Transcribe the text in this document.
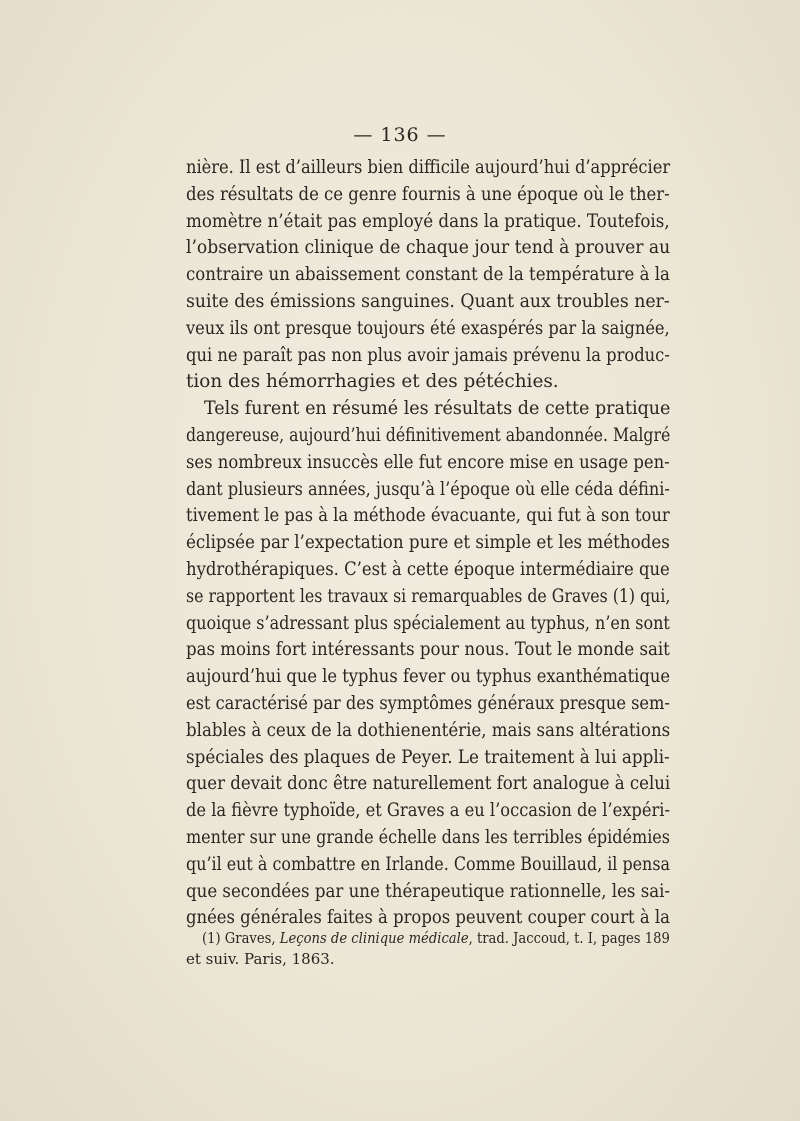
— 136 —
nière. Il est d’ailleurs bien difficile aujourd’hui d’apprécier
des résultats de ce genre fournis à une époque où le ther-
momètre n’était pas employé dans la pratique. Toutefois,
l’observation clinique de chaque jour tend à prouver au
contraire un abaissement constant de la température à la
suite des émissions sanguines. Quant aux troubles ner-
veux ils ont presque toujours été exaspérés par la saignée,
qui ne paraît pas non plus avoir jamais prévenu la produc-
tion des hémorrhagies et des pétéchies.
Tels furent en résumé les résultats de cette pratique
dangereuse, aujourd’hui définitivement abandonnée. Malgré
ses nombreux insuccès elle fut encore mise en usage pen-
dant plusieurs années, jusqu’à l’époque où elle céda défini-
tivement le pas à la méthode évacuante, qui fut à son tour
éclipsée par l’expectation pure et simple et les méthodes
hydrothérapiques. C’est à cette époque intermédiaire que
se rapportent les travaux si remarquables de Graves (1) qui,
quoique s’adressant plus spécialement au typhus, n’en sont
pas moins fort intéressants pour nous. Tout le monde sait
aujourd’hui que le typhus fever ou typhus exanthématique
est caractérisé par des symptômes généraux presque sem-
blables à ceux de la dothienentérie, mais sans altérations
spéciales des plaques de Peyer. Le traitement à lui appli-
quer devait donc être naturellement fort analogue à celui
de la fièvre typhoïde, et Graves a eu l’occasion de l’expéri-
menter sur une grande échelle dans les terribles épidémies
qu’il eut à combattre en Irlande. Comme Bouillaud, il pensa
que secondées par une thérapeutique rationnelle, les sai-
gnées générales faites à propos peuvent couper court à la
(1) Graves, Leçons de clinique médicale, trad. Jaccoud, t. I, pages 189
et suiv. Paris, 1863.
